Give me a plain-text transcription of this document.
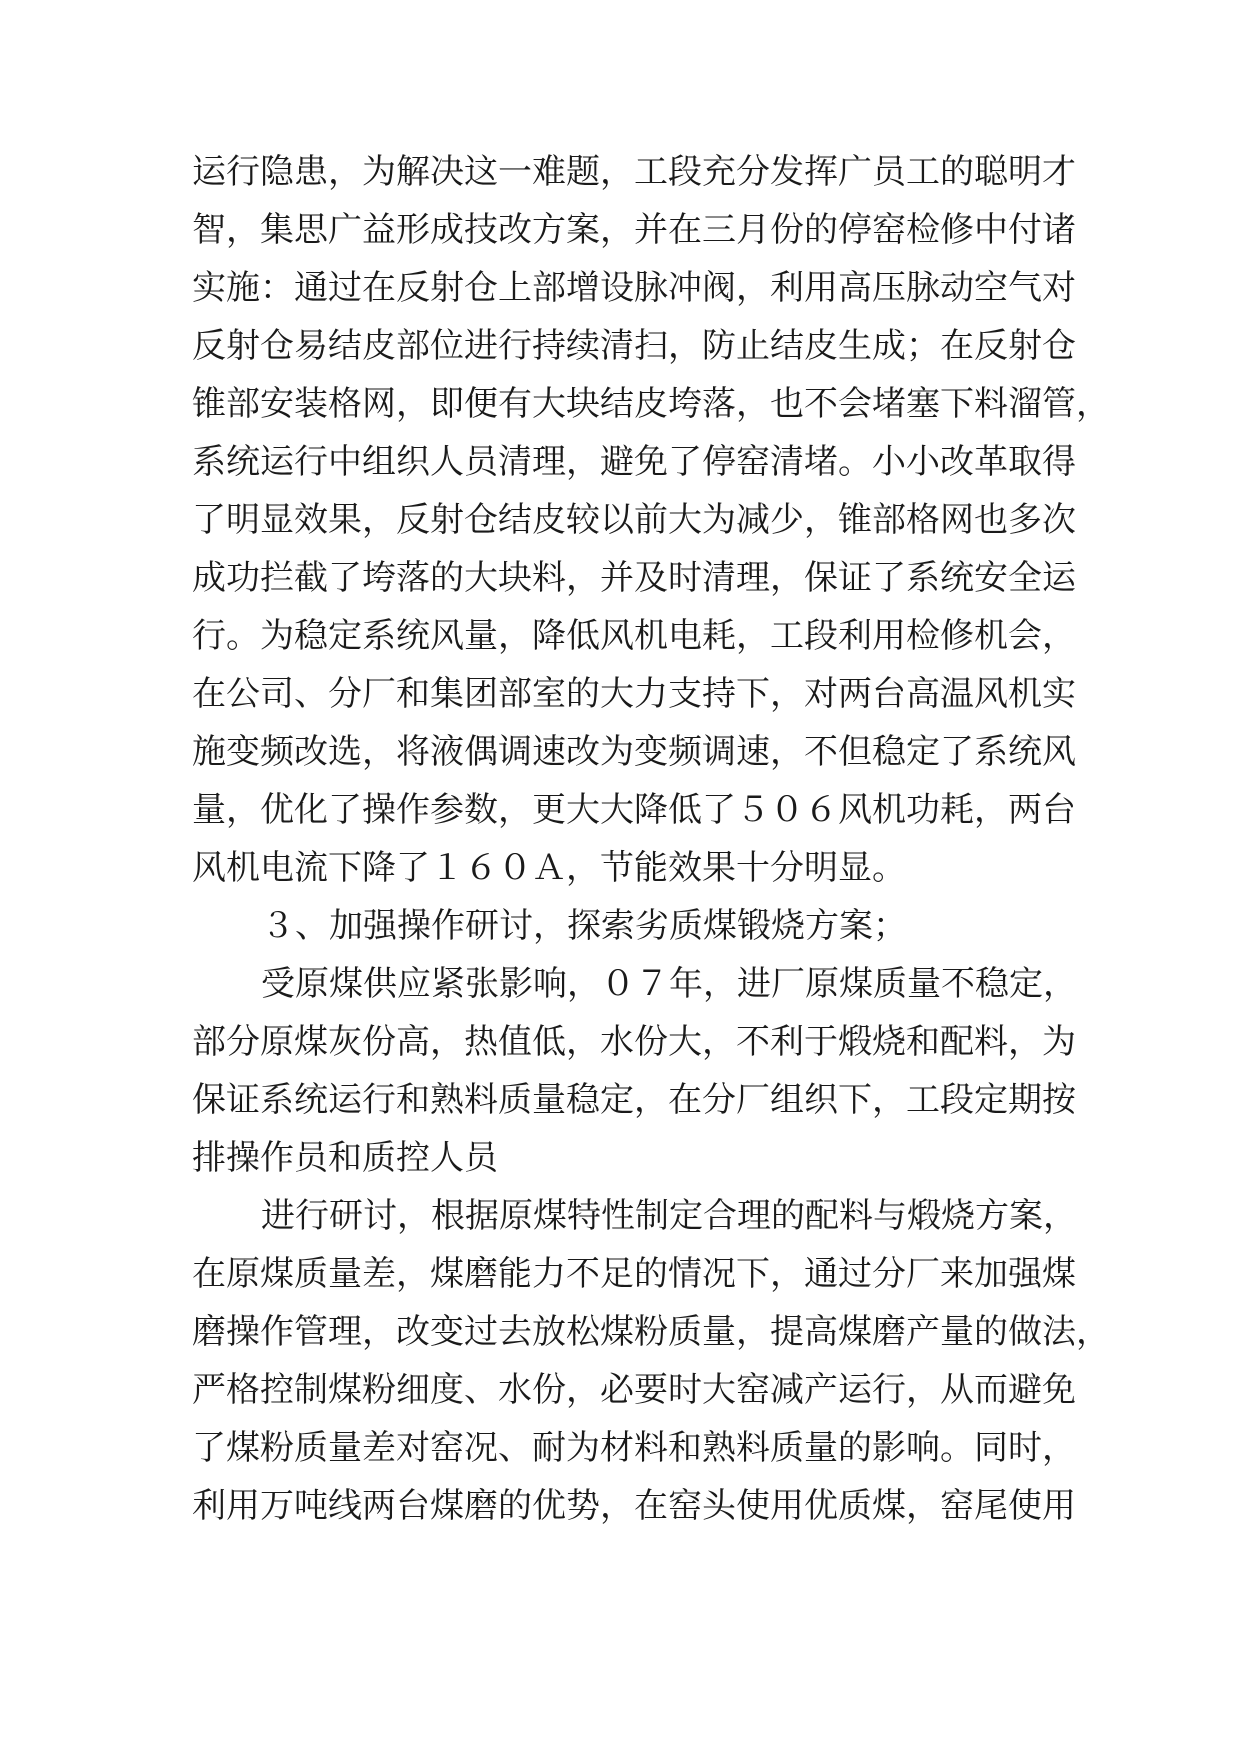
运行隐患，为解决这一难题，工段充分发挥广员工的聪明才
智，集思广益形成技改方案，并在三月份的停窑检修中付诸
实施：通过在反射仓上部增设脉冲阀，利用高压脉动空气对
反射仓易结皮部位进行持续清扫，防止结皮生成；在反射仓
锥部安装格网，即便有大块结皮垮落，也不会堵塞下料溜管，
系统运行中组织人员清理，避免了停窑清堵。小小改革取得
了明显效果，反射仓结皮较以前大为减少，锥部格网也多次
成功拦截了垮落的大块料，并及时清理，保证了系统安全运
行。为稳定系统风量，降低风机电耗，工段利用检修机会，
在公司、分厂和集团部室的大力支持下，对两台高温风机实
施变频改选，将液偶调速改为变频调速，不但稳定了系统风
量，优化了操作参数，更大大降低了５０６风机功耗，两台
风机电流下降了１６０Ａ，节能效果十分明显。
３、加强操作研讨，探索劣质煤锻烧方案；
受原煤供应紧张影响，０７年，进厂原煤质量不稳定，
部分原煤灰份高，热值低，水份大，不利于煅烧和配料，为
保证系统运行和熟料质量稳定，在分厂组织下，工段定期按
排操作员和质控人员
进行研讨，根据原煤特性制定合理的配料与煅烧方案，
在原煤质量差，煤磨能力不足的情况下，通过分厂来加强煤
磨操作管理，改变过去放松煤粉质量，提高煤磨产量的做法，
严格控制煤粉细度、水份，必要时大窑减产运行，从而避免
了煤粉质量差对窑况、耐为材料和熟料质量的影响。同时，
利用万吨线两台煤磨的优势，在窑头使用优质煤，窑尾使用
